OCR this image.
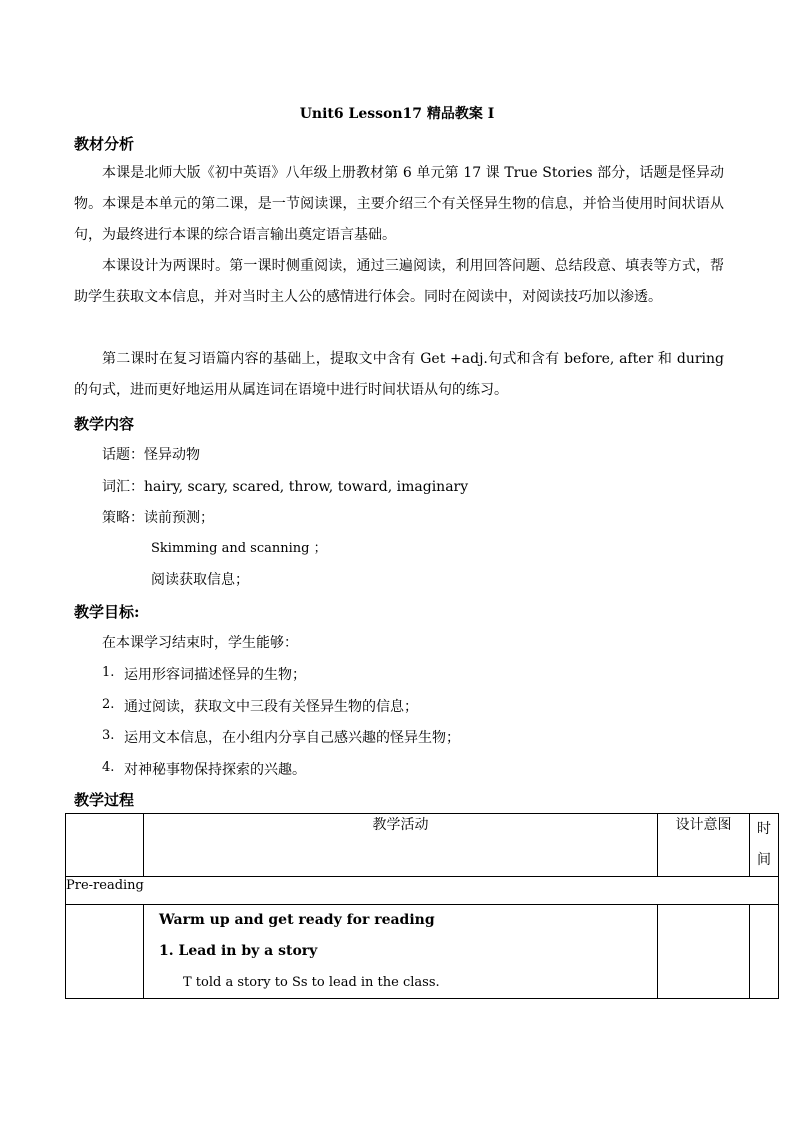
Unit6 Lesson17 精品教案 I
教材分析
本课是北师大版《初中英语》八年级上册教材第 6 单元第 17 课 True Stories 部分，话题是怪异动物。本课是本单元的第二课，是一节阅读课，主要介绍三个有关怪异生物的信息，并恰当使用时间状语从句，为最终进行本课的综合语言输出奠定语言基础。
本课设计为两课时。第一课时侧重阅读，通过三遍阅读，利用回答问题、总结段意、填表等方式，帮助学生获取文本信息，并对当时主人公的感情进行体会。同时在阅读中，对阅读技巧加以渗透。
第二课时在复习语篇内容的基础上，提取文中含有 Get +adj.句式和含有 before, after 和 during 的句式，进而更好地运用从属连词在语境中进行时间状语从句的练习。
教学内容
话题：怪异动物
词汇：hairy, scary, scared, throw, toward, imaginary
策略：读前预测；
Skimming and scanning ；
阅读获取信息；
教学目标:
在本课学习结束时，学生能够：
1. 运用形容词描述怪异的生物；
2. 通过阅读，获取文中三段有关怪异生物的信息；
3. 运用文本信息，在小组内分享自己感兴趣的怪异生物；
4. 对神秘事物保持探索的兴趣。
教学过程
	教学活动	设计意图	时
间

Pre-reading			

	Warm up and get ready for reading
1. Lead in by a story
T told a story to Ss to lead in the class.		
